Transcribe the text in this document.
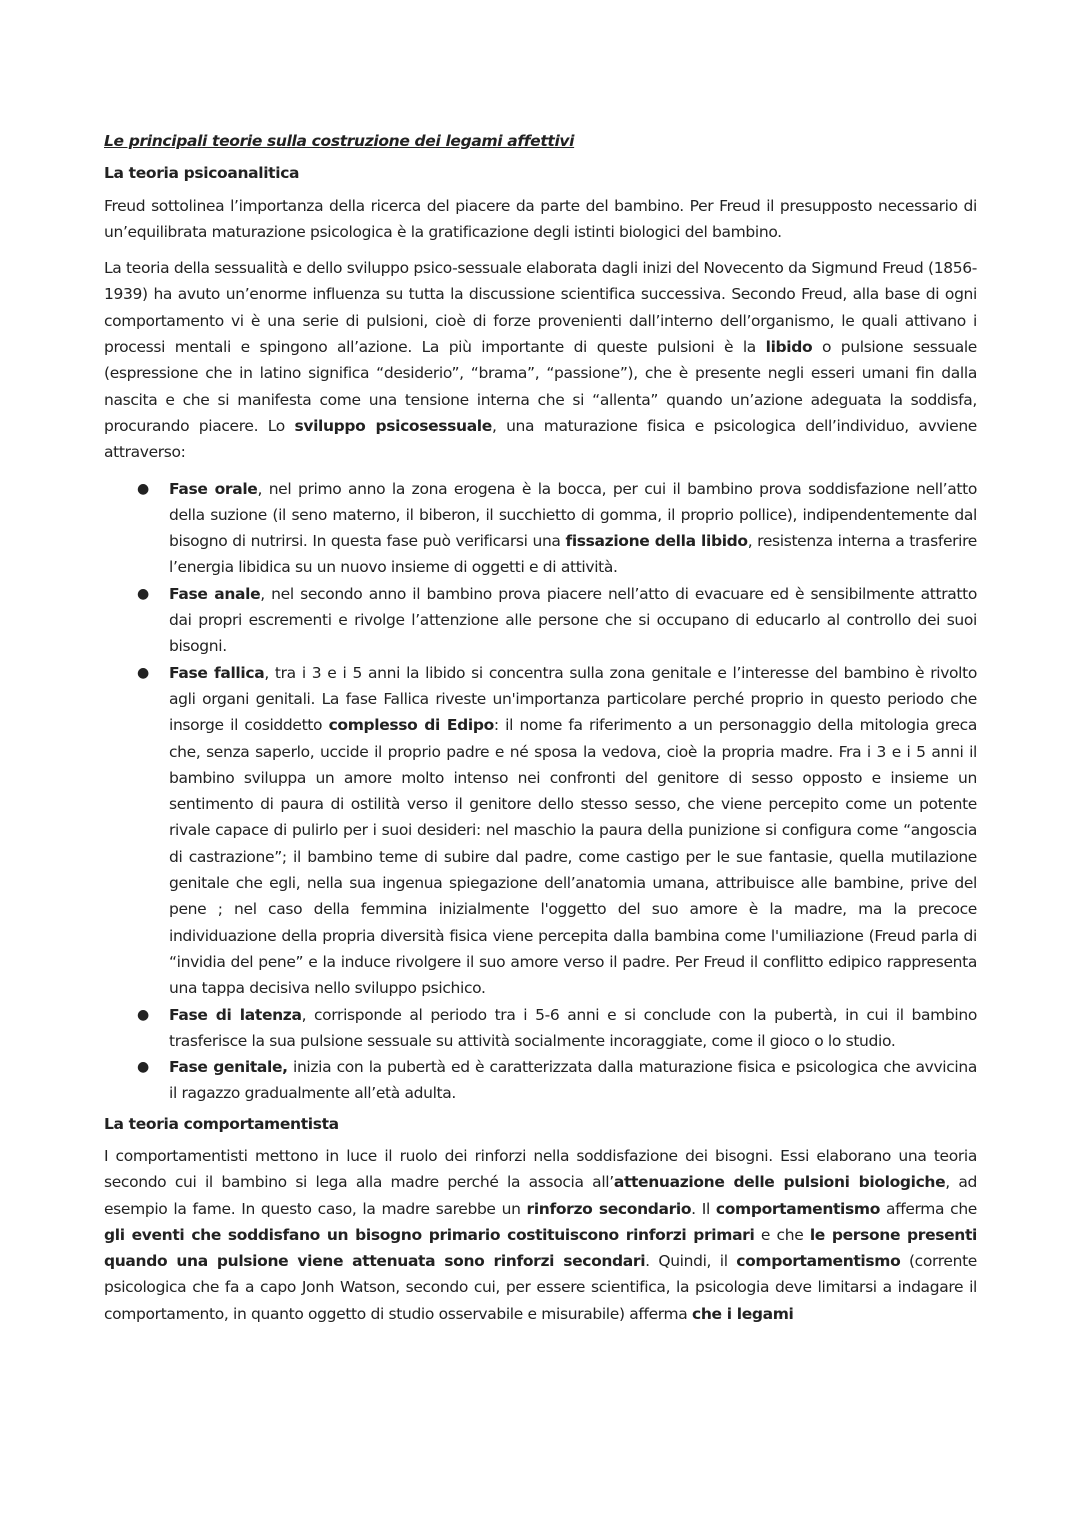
Le principali teorie sulla costruzione dei legami affettivi
La teoria psicoanalitica

Freud sottolinea l’importanza della ricerca del piacere da parte del bambino. Per Freud il presupposto necessario di un’equilibrata maturazione psicologica è la gratificazione degli istinti biologici del bambino.

La teoria della sessualità e dello sviluppo psico-sessuale elaborata dagli inizi del Novecento da Sigmund Freud (1856-1939) ha avuto un’enorme influenza su tutta la discussione scientifica successiva. Secondo Freud, alla base di ogni comportamento vi è una serie di pulsioni, cioè di forze provenienti dall’interno dell’organismo, le quali attivano i processi mentali e spingono all’azione. La più importante di queste pulsioni è la libido o pulsione sessuale (espressione che in latino significa “desiderio”, “brama”, “passione”), che è presente negli esseri umani fin dalla nascita e che si manifesta come una tensione interna che si “allenta” quando un’azione adeguata la soddisfa, procurando piacere. Lo sviluppo psicosessuale, una maturazione fisica e psicologica dell’individuo, avviene attraverso:

● Fase orale, nel primo anno la zona erogena è la bocca, per cui il bambino prova soddisfazione nell’atto della suzione (il seno materno, il biberon, il succhietto di gomma, il proprio pollice), indipendentemente dal bisogno di nutrirsi. In questa fase può verificarsi una fissazione della libido, resistenza interna a trasferire l’energia libidica su un nuovo insieme di oggetti e di attività.
● Fase anale, nel secondo anno il bambino prova piacere nell’atto di evacuare ed è sensibilmente attratto dai propri escrementi e rivolge l’attenzione alle persone che si occupano di educarlo al controllo dei suoi bisogni.
● Fase fallica, tra i 3 e i 5 anni la libido si concentra sulla zona genitale e l’interesse del bambino è rivolto agli organi genitali. La fase Fallica riveste un'importanza particolare perché proprio in questo periodo che insorge il cosiddetto complesso di Edipo: il nome fa riferimento a un personaggio della mitologia greca che, senza saperlo, uccide il proprio padre e né sposa la vedova, cioè la propria madre. Fra i 3 e i 5 anni il bambino sviluppa un amore molto intenso nei confronti del genitore di sesso opposto e insieme un sentimento di paura di ostilità verso il genitore dello stesso sesso, che viene percepito come un potente rivale capace di pulirlo per i suoi desideri: nel maschio la paura della punizione si configura come “angoscia di castrazione”; il bambino teme di subire dal padre, come castigo per le sue fantasie, quella mutilazione genitale che egli, nella sua ingenua spiegazione dell’anatomia umana, attribuisce alle bambine, prive del pene ; nel caso della femmina inizialmente l'oggetto del suo amore è la madre, ma la precoce individuazione della propria diversità fisica viene percepita dalla bambina come l'umiliazione (Freud parla di “invidia del pene” e la induce rivolgere il suo amore verso il padre. Per Freud il conflitto edipico rappresenta una tappa decisiva nello sviluppo psichico.
● Fase di latenza, corrisponde al periodo tra i 5-6 anni e si conclude con la pubertà, in cui il bambino trasferisce la sua pulsione sessuale su attività socialmente incoraggiate, come il gioco o lo studio.
● Fase genitale, inizia con la pubertà ed è caratterizzata dalla maturazione fisica e psicologica che avvicina il ragazzo gradualmente all’età adulta.
La teoria comportamentista

I comportamentisti mettono in luce il ruolo dei rinforzi nella soddisfazione dei bisogni. Essi elaborano una teoria secondo cui il bambino si lega alla madre perché la associa all’attenuazione delle pulsioni biologiche, ad esempio la fame. In questo caso, la madre sarebbe un rinforzo secondario. Il comportamentismo afferma che gli eventi che soddisfano un bisogno primario costituiscono rinforzi primari e che le persone presenti quando una pulsione viene attenuata sono rinforzi secondari. Quindi, il comportamentismo (corrente psicologica che fa a capo Jonh Watson, secondo cui, per essere scientifica, la psicologia deve limitarsi a indagare il comportamento, in quanto oggetto di studio osservabile e misurabile) afferma che i legami
